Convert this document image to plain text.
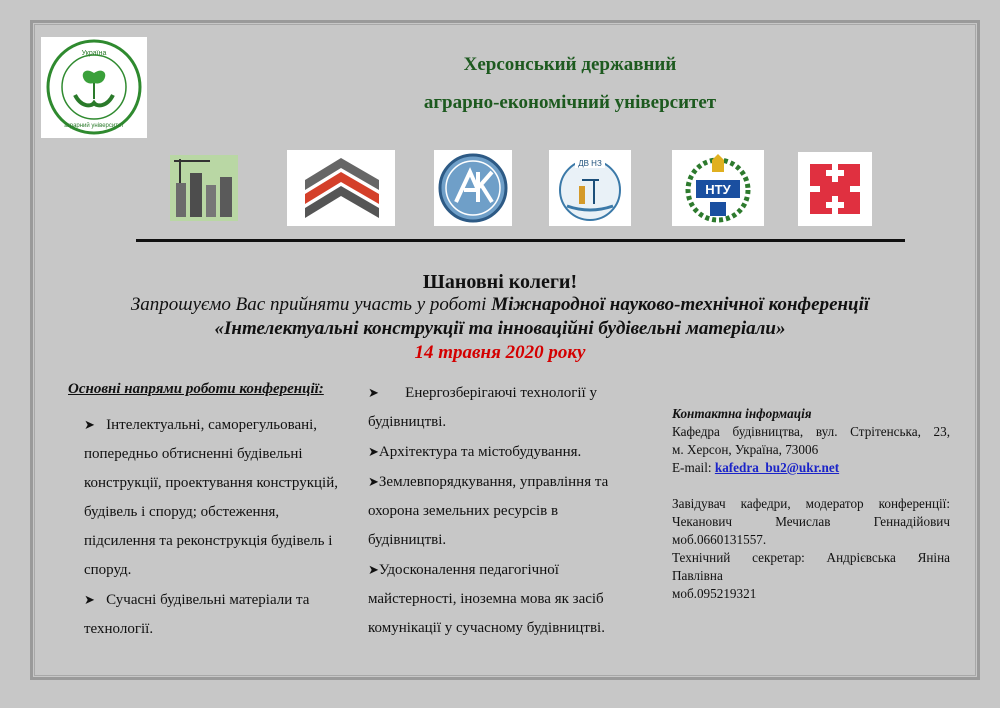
Україна
аграрний університет
Херсонський державний
аграрно-економічний університет
ДВ НЗ
НТУ
Шановні колеги!
Запрошуємо Вас прийняти участь у роботі Міжнародної науково-технічної конференції
«Інтелектуальні конструкції та інноваційні будівельні матеріали»
14 травня 2020 року
Основні напрями роботи конференції:

➤ Інтелектуальні, саморегульовані, попередньо обтисненні будівельні конструкції, проектування конструкцій, будівель і споруд; обстеження, підсилення та реконструкція будівель і споруд.

➤ Сучасні будівельні матеріали та технології.

➤ Енергозберігаючі технології у будівництві.

➤Архітектура та містобудування.

➤Землевпорядкування, управління та охорона земельних ресурсів в будівництві.

➤Удосконалення педагогічної майстерності, іноземна мова як засіб комунікації у сучасному будівництві.

Контактна інформація
Кафедра будівництва, вул. Стрітенська, 23,
м. Херсон, Україна, 73006
E-mail: kafedra_bu2@ukr.net
Завідувач кафедри, модератор конференції:
Чеканович Мечислав Геннадійович
моб.0660131557.
Технічний секретар: Андрієвська Яніна
Павлівна
моб.095219321
